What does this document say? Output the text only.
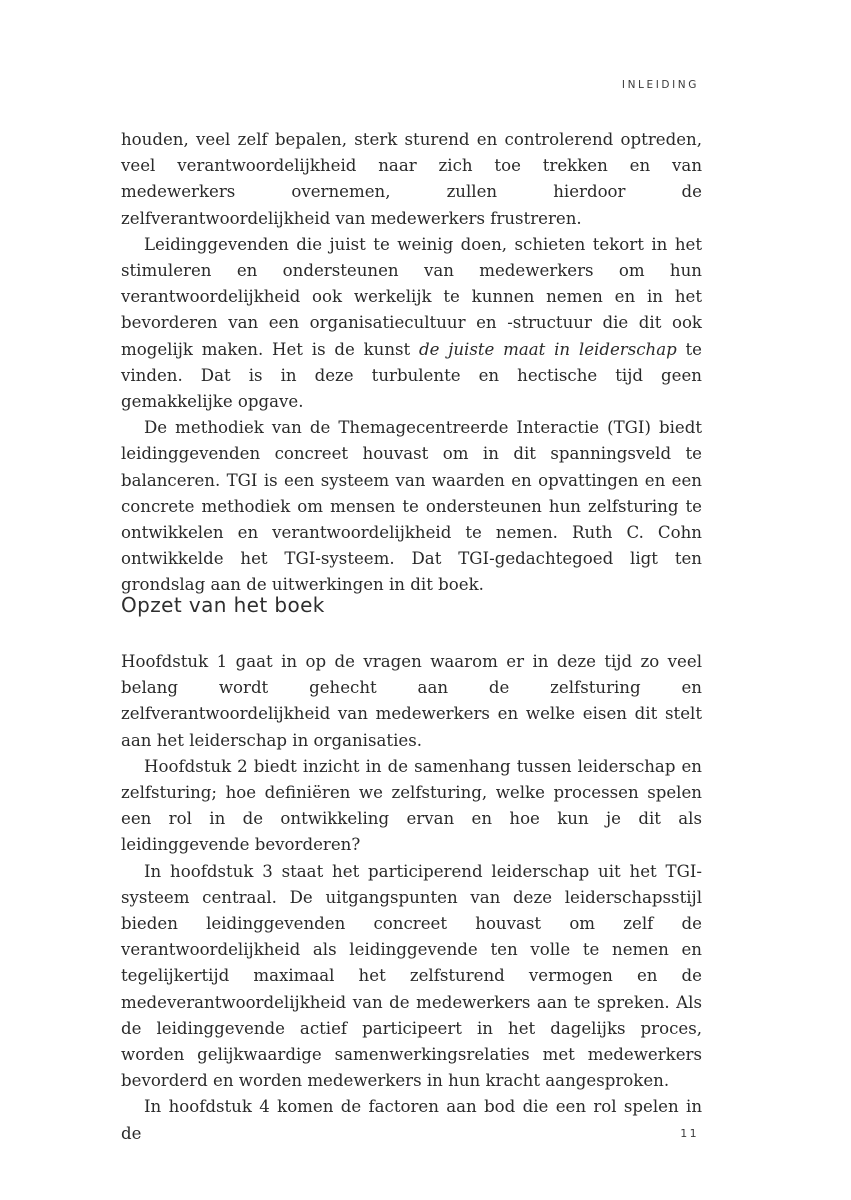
INLEIDING

houden, veel zelf bepalen, sterk sturend en controlerend optreden, veel verantwoordelijkheid naar zich toe trekken en van medewerkers overnemen, zullen hierdoor de zelfverantwoordelijkheid van medewerkers frustreren.

Leidinggevenden die juist te weinig doen, schieten tekort in het stimuleren en ondersteunen van medewerkers om hun verantwoordelijkheid ook werkelijk te kunnen nemen en in het bevorderen van een organisatiecultuur en -structuur die dit ook mogelijk maken. Het is de kunst de juiste maat in leiderschap te vinden. Dat is in deze turbulente en hectische tijd geen gemakkelijke opgave.

De methodiek van de Themagecentreerde Interactie (TGI) biedt leidinggevenden concreet houvast om in dit spanningsveld te balanceren. TGI is een systeem van waarden en opvattingen en een concrete methodiek om mensen te ondersteunen hun zelfsturing te ontwikkelen en verantwoordelijkheid te nemen. Ruth C. Cohn ontwikkelde het TGI-systeem. Dat TGI-gedachtegoed ligt ten grondslag aan de uitwerkingen in dit boek.

Opzet van het boek

Hoofdstuk 1 gaat in op de vragen waarom er in deze tijd zo veel belang wordt gehecht aan de zelfsturing en zelfverantwoordelijkheid van medewerkers en welke eisen dit stelt aan het leiderschap in organisaties.

Hoofdstuk 2 biedt inzicht in de samenhang tussen leiderschap en zelfsturing; hoe definiëren we zelfsturing, welke processen spelen een rol in de ontwikkeling ervan en hoe kun je dit als leidinggevende bevorderen?

In hoofdstuk 3 staat het participerend leiderschap uit het TGI-systeem centraal. De uitgangspunten van deze leiderschapsstijl bieden leidinggevenden concreet houvast om zelf de verantwoordelijkheid als leidinggevende ten volle te nemen en tegelijkertijd maximaal het zelfsturend vermogen en de medeverantwoordelijkheid van de medewerkers aan te spreken. Als de leidinggevende actief participeert in het dagelijks proces, worden gelijkwaardige samenwerkingsrelaties met medewerkers bevorderd en worden medewerkers in hun kracht aangesproken.

In hoofdstuk 4 komen de factoren aan bod die een rol spelen in de	11
